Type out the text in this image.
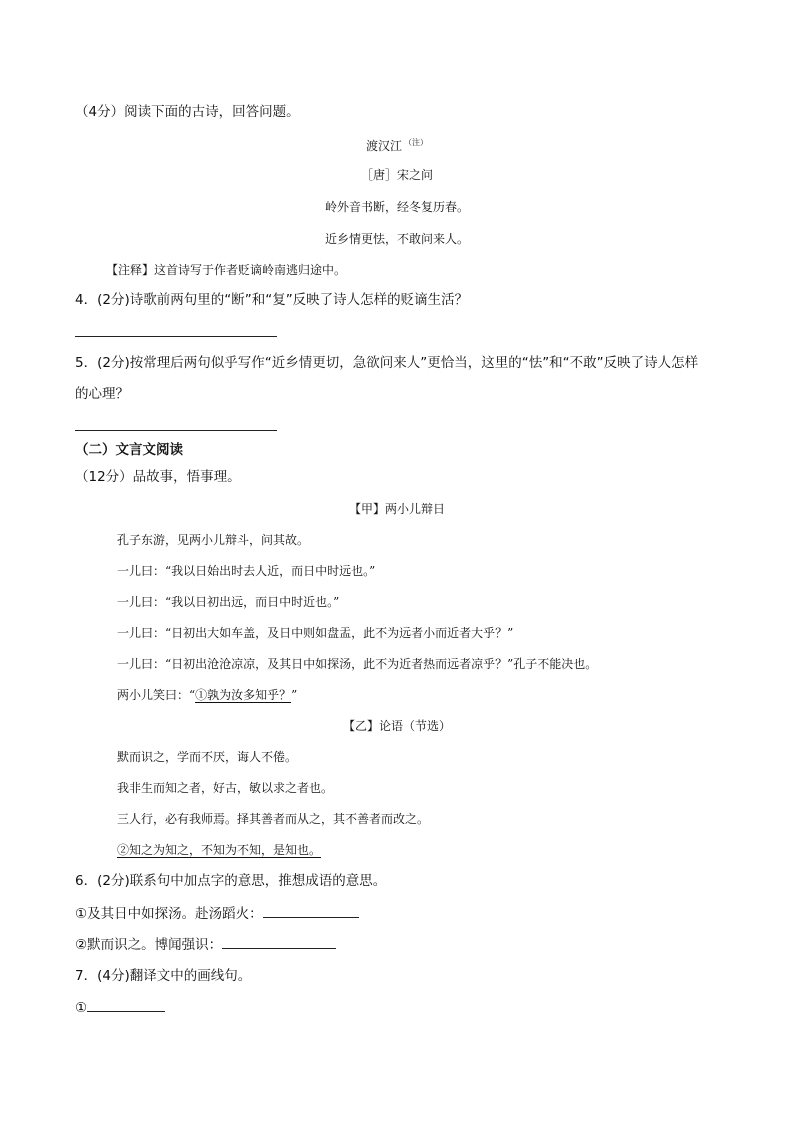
（4分）阅读下面的古诗，回答问题。
渡汉江 $^{(注)}$
［唐］宋之问
岭外音书断，经冬复历春。
近乡情更怯，不敢问来人。
【注释】这首诗写于作者贬谪岭南逃归途中。
4．(2分)诗歌前两句里的“断”和“复”反映了诗人怎样的贬谪生活？
5．(2分)按常理后两句似乎写作“近乡情更切，急欲问来人”更恰当，这里的“怯”和“不敢”反映了诗人怎样
的心理？
（二）文言文阅读
（12分）品故事，悟事理。
【甲】两小儿辩日
孔子东游，见两小儿辩斗，问其故。
一儿曰：“我以日始出时去人近，而日中时远也。”
一儿曰：“我以日初出远，而日中时近也。”
一儿曰：“日初出大如车盖，及日中则如盘盂，此不为远者小而近者大乎？”
一儿曰：“日初出沧沧凉凉，及其日中如探汤，此不为近者热而远者凉乎？”孔子不能决也。
两小儿笑曰：“①孰为汝多知乎？”
【乙】论语（节选）
默而识之，学而不厌，诲人不倦。
我非生而知之者，好古，敏以求之者也。
三人行，必有我师焉。择其善者而从之，其不善者而改之。
②知之为知之，不知为不知，是知也。
6．(2分)联系句中加点字的意思，推想成语的意思。
①及其日中如探汤。赴汤蹈火：
②默而识之。博闻强识：
7．(4分)翻译文中的画线句。
①
